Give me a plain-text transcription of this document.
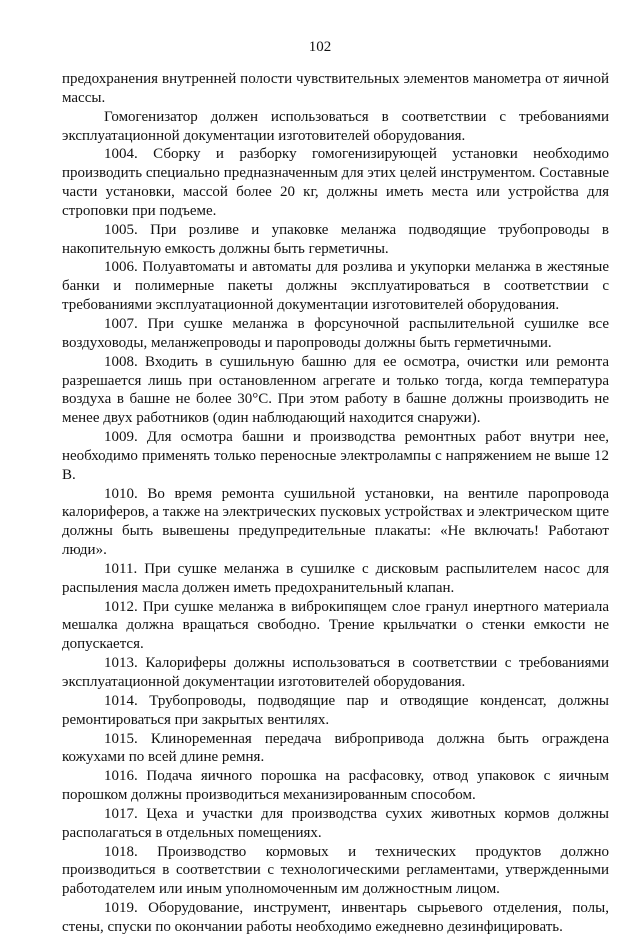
102

предохранения внутренней полости чувствительных элементов манометра от яичной массы.

Гомогенизатор должен использоваться в соответствии с требованиями эксплуатационной документации изготовителей оборудования.

1004. Сборку и разборку гомогенизирующей установки необходимо производить специально предназначенным для этих целей инструментом. Составные части установки, массой более 20 кг, должны иметь места или устройства для строповки при подъеме.

1005. При розливе и упаковке меланжа подводящие трубопроводы в накопительную емкость должны быть герметичны.

1006. Полуавтоматы и автоматы для розлива и укупорки меланжа в жестяные банки и полимерные пакеты должны эксплуатироваться в соответствии с требованиями эксплуатационной документации изготовителей оборудования.

1007. При сушке меланжа в форсуночной распылительной сушилке все воздуховоды, меланжепроводы и паропроводы должны быть герметичными.

1008. Входить в сушильную башню для ее осмотра, очистки или ремонта разрешается лишь при остановленном агрегате и только тогда, когда температура воздуха в башне не более 30°С. При этом работу в башне должны производить не менее двух работников (один наблюдающий находится снаружи).

1009. Для осмотра башни и производства ремонтных работ внутри нее, необходимо применять только переносные электролампы с напряжением не выше 12 В.

1010. Во время ремонта сушильной установки, на вентиле паропровода калориферов, а также на электрических пусковых устройствах и электрическом щите должны быть вывешены предупредительные плакаты: «Не включать! Работают люди».

1011. При сушке меланжа в сушилке с дисковым распылителем насос для распыления масла должен иметь предохранительный клапан.

1012. При сушке меланжа в виброкипящем слое гранул инертного материала мешалка должна вращаться свободно. Трение крыльчатки о стенки емкости не допускается.

1013. Калориферы должны использоваться в соответствии с требованиями эксплуатационной документации изготовителей оборудования.

1014. Трубопроводы, подводящие пар и отводящие конденсат, должны ремонтироваться при закрытых вентилях.

1015. Клиноременная передача вибропривода должна быть ограждена кожухами по всей длине ремня.

1016. Подача яичного порошка на расфасовку, отвод упаковок с яичным порошком должны производиться механизированным способом.

1017. Цеха и участки для производства сухих животных кормов должны располагаться в отдельных помещениях.

1018. Производство кормовых и технических продуктов должно производиться в соответствии с технологическими регламентами, утвержденными работодателем или иным уполномоченным им должностным лицом.

1019. Оборудование, инструмент, инвентарь сырьевого отделения, полы, стены, спуски по окончании работы необходимо ежедневно дезинфицировать.
